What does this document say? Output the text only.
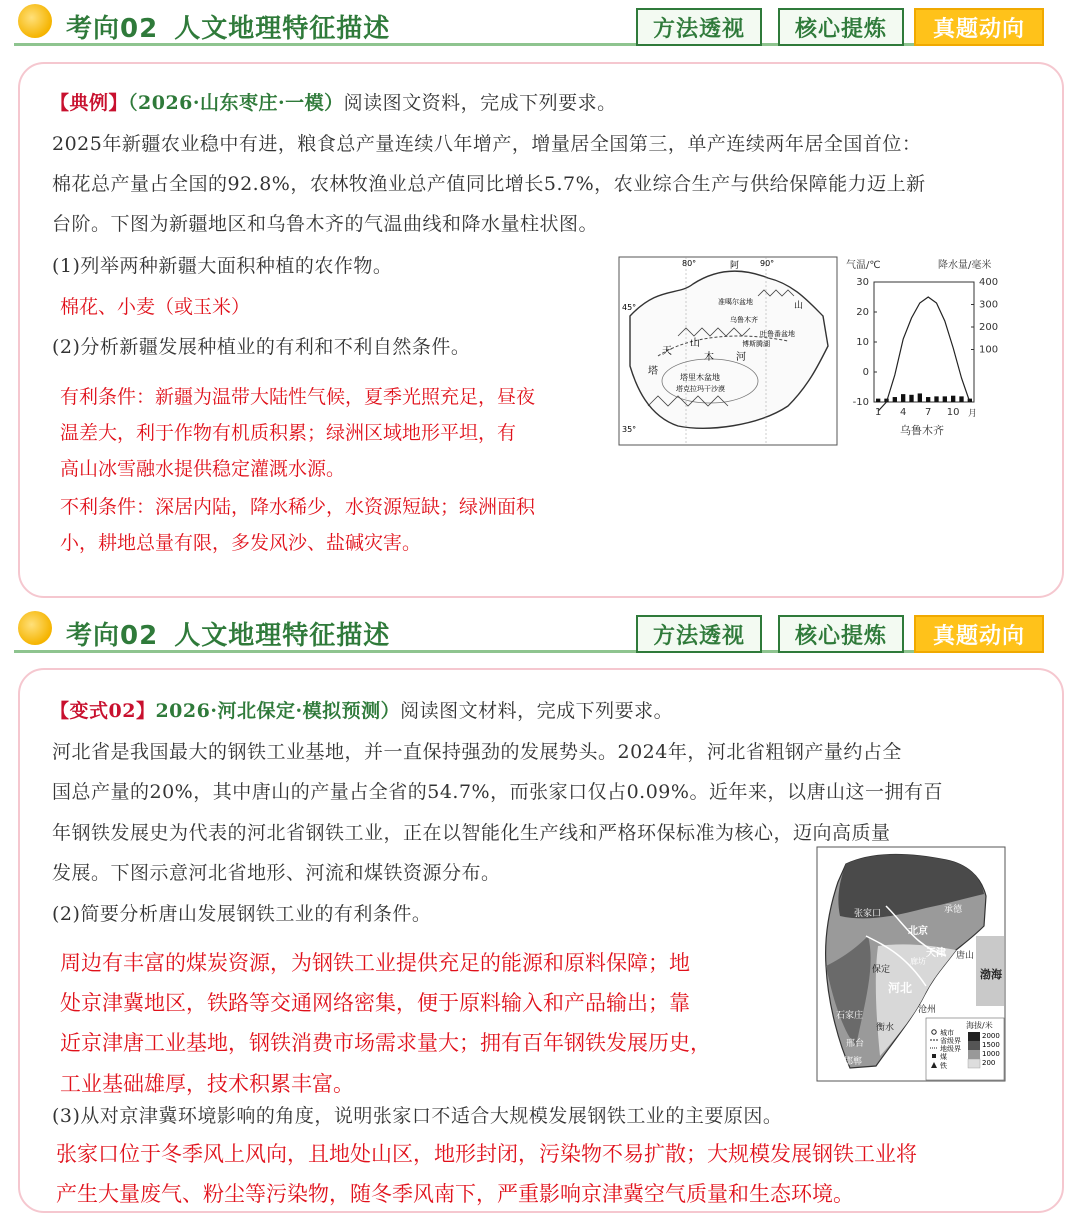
考向02 人文地理特征描述	方法透视	核心提炼	真题动向
【典例】（2026·山东枣庄·一模）阅读图文资料，完成下列要求。
2025年新疆农业稳中有进，粮食总产量连续八年增产，增量居全国第三，单产连续两年居全国首位：
棉花总产量占全国的92.8%，农林牧渔业总产值同比增长5.7%，农业综合生产与供给保障能力迈上新
台阶。下图为新疆地区和乌鲁木齐的气温曲线和降水量柱状图。
(1)列举两种新疆大面积种植的农作物。
棉花、小麦（或玉米）
(2)分析新疆发展种植业的有利和不利自然条件。
有利条件：新疆为温带大陆性气候，夏季光照充足，昼夜
温差大，利于作物有机质积累；绿洲区域地形平坦，有
高山冰雪融水提供稳定灌溉水源。
不利条件：深居内陆，降水稀少，水资源短缺；绿洲面积
小，耕地总量有限，多发风沙、盐碱灾害。
80°	90°
45°
35°
阿
准噶尔盆地
乌鲁木齐
吐鲁番盆地
博斯腾湖
天
山
塔里木盆地
塔克拉玛干沙漠
木 河
塔
山
气温/℃	降水量/毫米
乌鲁木齐
月
30
20
10
0
-10
400
300
200
100
1 4 7 10
考向02 人文地理特征描述	方法透视	核心提炼	真题动向
【变式02】2026·河北保定·模拟预测）阅读图文材料，完成下列要求。
河北省是我国最大的钢铁工业基地，并一直保持强劲的发展势头。2024年，河北省粗钢产量约占全
国总产量的20%，其中唐山的产量占全省的54.7%，而张家口仅占0.09%。近年来，以唐山这一拥有百
年钢铁发展史为代表的河北省钢铁工业，正在以智能化生产线和严格环保标准为核心，迈向高质量
发展。下图示意河北省地形、河流和煤铁资源分布。
(2)简要分析唐山发展钢铁工业的有利条件。
周边有丰富的煤炭资源，为钢铁工业提供充足的能源和原料保障；地
处京津冀地区，铁路等交通网络密集，便于原料输入和产品输出；靠
近京津唐工业基地，钢铁消费市场需求量大；拥有百年钢铁发展历史，
工业基础雄厚，技术积累丰富。
(3)从对京津冀环境影响的角度，说明张家口不适合大规模发展钢铁工业的主要原因。
张家口位于冬季风上风向，且地处山区，地形封闭，污染物不易扩散；大规模发展钢铁工业将
产生大量废气、粉尘等污染物，随冬季风南下，严重影响京津冀空气质量和生态环境。
张家口	承德
北京
天津 唐山
保定
河北
沧州
石家庄
衡水
邢台
邯郸
渤海
廊坊
海拔/米
城市
省级界
地级界
煤
铁
2000
1500
1000
200
